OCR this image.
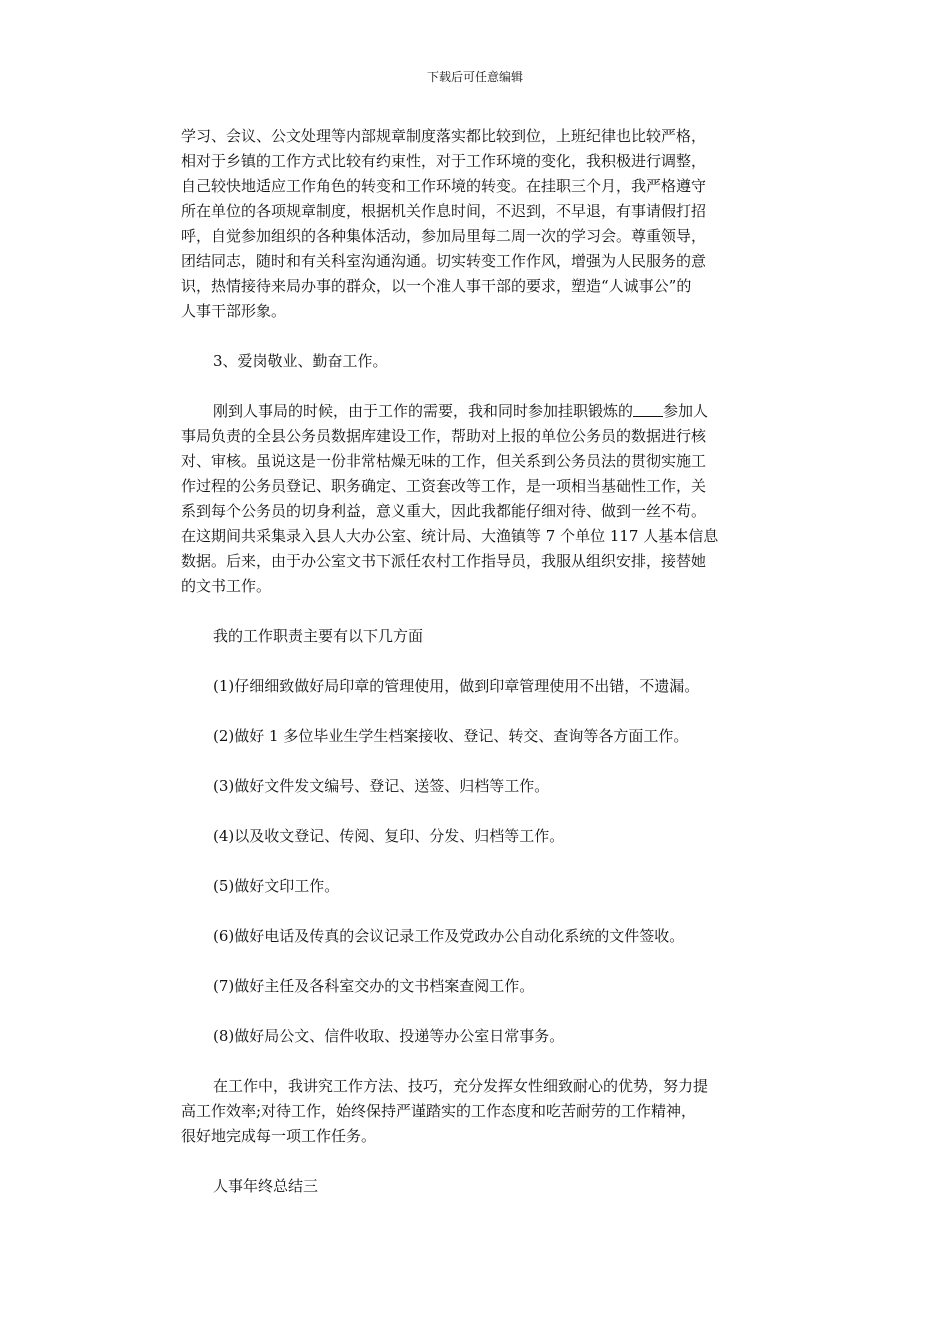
下载后可任意编辑
学习、会议、公文处理等内部规章制度落实都比较到位，上班纪律也比较严格，
相对于乡镇的工作方式比较有约束性，对于工作环境的变化，我积极进行调整，
自己较快地适应工作角色的转变和工作环境的转变。在挂职三个月，我严格遵守
所在单位的各项规章制度，根据机关作息时间，不迟到，不早退，有事请假打招
呼，自觉参加组织的各种集体活动，参加局里每二周一次的学习会。尊重领导，
团结同志，随时和有关科室沟通沟通。切实转变工作作风，增强为人民服务的意
识，热情接待来局办事的群众，以一个准人事干部的要求，塑造“人诚事公”的
人事干部形象。

3、爱岗敬业、勤奋工作。

刚到人事局的时候，由于工作的需要，我和同时参加挂职锻炼的 参加人
事局负责的全县公务员数据库建设工作，帮助对上报的单位公务员的数据进行核
对、审核。虽说这是一份非常枯燥无味的工作，但关系到公务员法的贯彻实施工
作过程的公务员登记、职务确定、工资套改等工作，是一项相当基础性工作，关
系到每个公务员的切身利益，意义重大，因此我都能仔细对待、做到一丝不苟。
在这期间共采集录入县人大办公室、统计局、大渔镇等 7 个单位 117 人基本信息
数据。后来，由于办公室文书下派任农村工作指导员，我服从组织安排，接替她
的文书工作。

我的工作职责主要有以下几方面

(1)仔细细致做好局印章的管理使用，做到印章管理使用不出错，不遗漏。

(2)做好 1 多位毕业生学生档案接收、登记、转交、查询等各方面工作。

(3)做好文件发文编号、登记、送签、归档等工作。

(4)以及收文登记、传阅、复印、分发、归档等工作。

(5)做好文印工作。

(6)做好电话及传真的会议记录工作及党政办公自动化系统的文件签收。

(7)做好主任及各科室交办的文书档案查阅工作。

(8)做好局公文、信件收取、投递等办公室日常事务。

在工作中，我讲究工作方法、技巧，充分发挥女性细致耐心的优势，努力提
高工作效率;对待工作，始终保持严谨踏实的工作态度和吃苦耐劳的工作精神，
很好地完成每一项工作任务。

人事年终总结三
